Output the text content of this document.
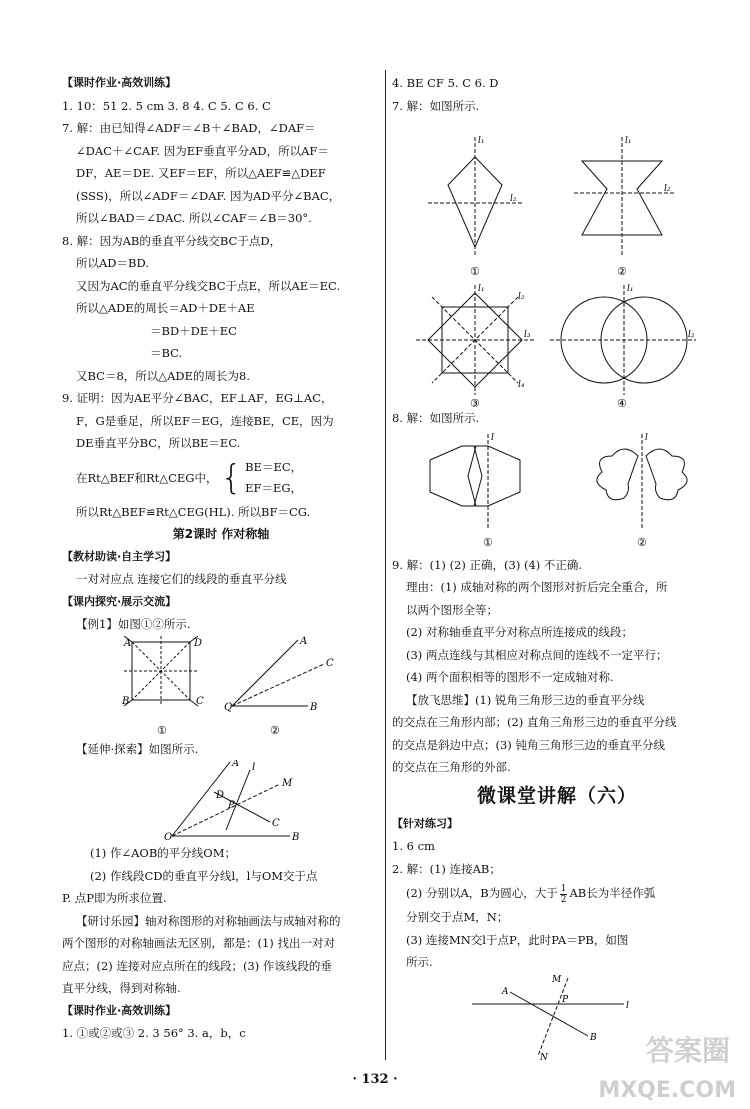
【课时作业·高效训练】
1. 10：51 2. 5 cm 3. 8 4. C 5. C 6. C
7. 解：由已知得∠ADF＝∠B＋∠BAD，∠DAF＝
∠DAC＋∠CAF. 因为EF垂直平分AD，所以AF＝
DF，AE＝DE. 又EF＝EF，所以△AEF≌△DEF
(SSS)，所以∠ADF＝∠DAF. 因为AD平分∠BAC，
所以∠BAD＝∠DAC. 所以∠CAF＝∠B＝30°.
8. 解：因为AB的垂直平分线交BC于点D，
所以AD＝BD.
又因为AC的垂直平分线交BC于点E，所以AE＝EC.
所以△ADE的周长＝AD＋DE＋AE
＝BD＋DE＋EC
＝BC.
又BC＝8，所以△ADE的周长为8.
9. 证明：因为AE平分∠BAC，EF⊥AF，EG⊥AC，
F，G是垂足，所以EF＝EG，连接BE，CE，因为
DE垂直平分BC，所以BE＝EC.
在Rt△BEF和Rt△CEG中， { BE＝EC，
EF＝EG，
所以Rt△BEF≌Rt△CEG(HL). 所以BF＝CG.
第2课时 作对称轴
【教材助读·自主学习】
一对对应点 连接它们的线段的垂直平分线
【课内探究·展示交流】
【例1】如图①②所示.
A	D
B	C
A
C
Q	B
①	②
【延伸·探索】如图所示.
A l
M
D
P
C
O	B
(1) 作∠AOB的平分线OM；
(2) 作线段CD的垂直平分线l，l与OM交于点
P. 点P即为所求位置.
【研讨乐园】轴对称图形的对称轴画法与成轴对称的
两个图形的对称轴画法无区别，都是：(1) 找出一对对
应点；(2) 连接对应点所在的线段；(3) 作该线段的垂
直平分线，得到对称轴.
【课时作业·高效训练】
1. ①或②或③ 2. 3 56° 3. a，b，c
4. BE CF 5. C 6. D
7. 解：如图所示.
l₁
l₂
l₁
l₂
l₁
l₂
l₃
l₄
l₁
l₂
①	②
③	④
8. 解：如图所示.
l	l
①	②
9. 解：(1) (2) 正确，(3) (4) 不正确.
理由：(1) 成轴对称的两个图形对折后完全重合，所
以两个图形全等；
(2) 对称轴垂直平分对称点所连接成的线段；
(3) 两点连线与其相应对称点间的连线不一定平行；
(4) 两个面积相等的图形不一定成轴对称.
【放飞思维】(1) 锐角三角形三边的垂直平分线
的交点在三角形内部；(2) 直角三角形三边的垂直平分线
的交点是斜边中点；(3) 钝角三角形三边的垂直平分线
的交点在三角形的外部.
微课堂讲解（六）
【针对练习】
1. 6 cm
2. 解：(1) 连接AB；
(2) 分别以A，B为圆心，大于 $\frac{1}{2}$ AB长为半径作弧
分别交于点M，N；
(3) 连接MN交l于点P，此时PA＝PB，如图
所示.
A
M
P
l
B
N
· 132 ·
答案圈
MXQE.COM
